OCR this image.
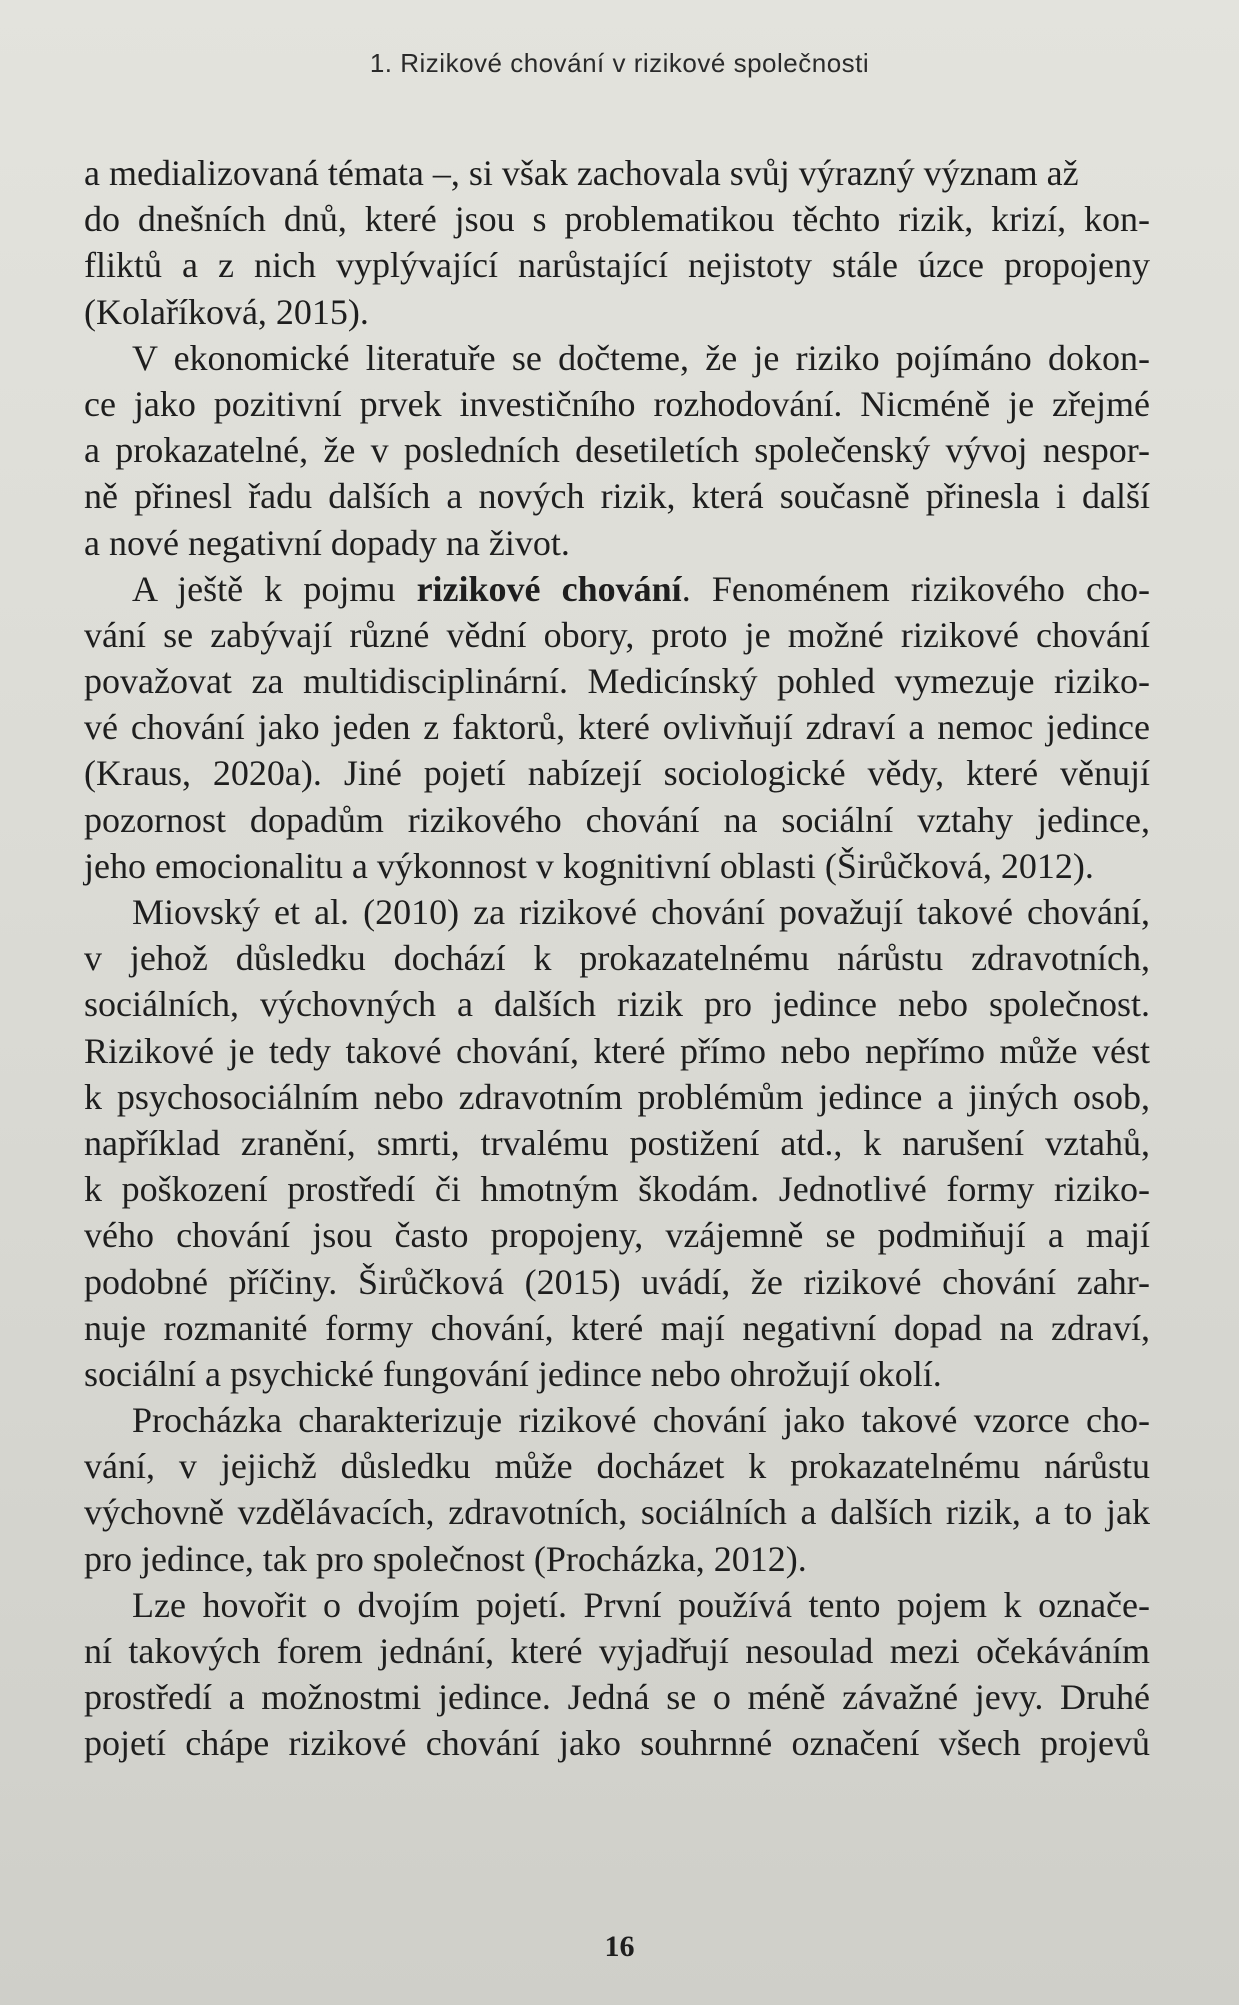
1. Rizikové chování v rizikové společnosti
a medializovaná témata –, si však zachovala svůj výrazný význam až
do dnešních dnů, které jsou s problematikou těchto rizik, krizí, kon-
fliktů a z nich vyplývající narůstající nejistoty stále úzce propojeny
(Kolaříková, 2015).
V ekonomické literatuře se dočteme, že je riziko pojímáno dokon-
ce jako pozitivní prvek investičního rozhodování. Nicméně je zřejmé
a prokazatelné, že v posledních desetiletích společenský vývoj nespor-
ně přinesl řadu dalších a nových rizik, která současně přinesla i další
a nové negativní dopady na život.
A ještě k pojmu rizikové chování. Fenoménem rizikového cho-
vání se zabývají různé vědní obory, proto je možné rizikové chování
považovat za multidisciplinární. Medicínský pohled vymezuje riziko-
vé chování jako jeden z faktorů, které ovlivňují zdraví a nemoc jedince
(Kraus, 2020a). Jiné pojetí nabízejí sociologické vědy, které věnují
pozornost dopadům rizikového chování na sociální vztahy jedince,
jeho emocionalitu a výkonnost v kognitivní oblasti (Širůčková, 2012).
Miovský et al. (2010) za rizikové chování považují takové chování,
v jehož důsledku dochází k prokazatelnému nárůstu zdravotních,
sociálních, výchovných a dalších rizik pro jedince nebo společnost.
Rizikové je tedy takové chování, které přímo nebo nepřímo může vést
k psychosociálním nebo zdravotním problémům jedince a jiných osob,
například zranění, smrti, trvalému postižení atd., k narušení vztahů,
k poškození prostředí či hmotným škodám. Jednotlivé formy riziko-
vého chování jsou často propojeny, vzájemně se podmiňují a mají
podobné příčiny. Širůčková (2015) uvádí, že rizikové chování zahr-
nuje rozmanité formy chování, které mají negativní dopad na zdraví,
sociální a psychické fungování jedince nebo ohrožují okolí.
Procházka charakterizuje rizikové chování jako takové vzorce cho-
vání, v jejichž důsledku může docházet k prokazatelnému nárůstu
výchovně vzdělávacích, zdravotních, sociálních a dalších rizik, a to jak
pro jedince, tak pro společnost (Procházka, 2012).
Lze hovořit o dvojím pojetí. První používá tento pojem k označe-
ní takových forem jednání, které vyjadřují nesoulad mezi očekáváním
prostředí a možnostmi jedince. Jedná se o méně závažné jevy. Druhé
pojetí chápe rizikové chování jako souhrnné označení všech projevů
16
